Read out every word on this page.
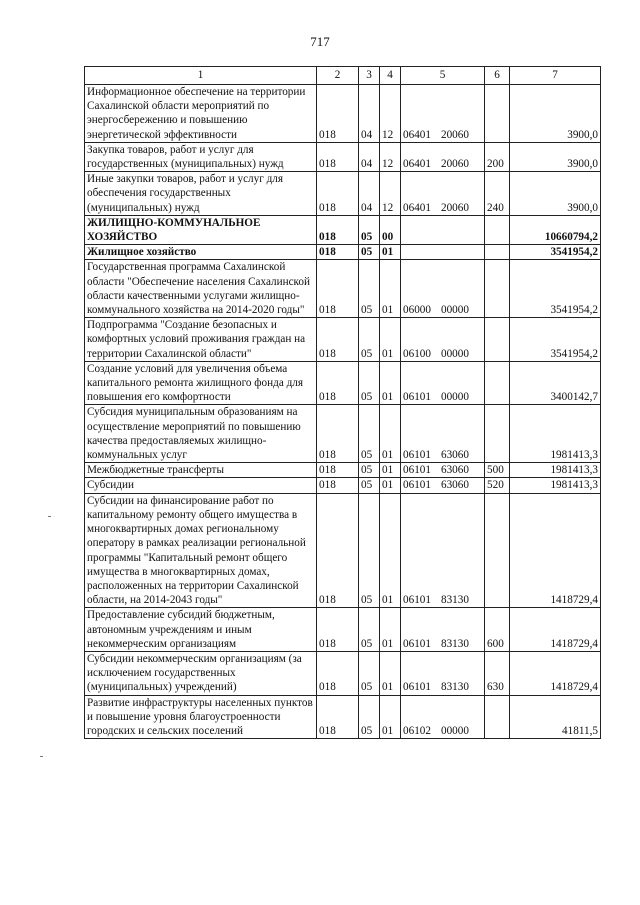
717
1	2	3	4	5	6	7
Информационное обеспечение на территории Сахалинской области мероприятий по энергосбережению и повышению энергетической эффективности	018	04	12	06401 20060		3900,0
Закупка товаров, работ и услуг для государственных (муниципальных) нужд	018	04	12	06401 20060	200	3900,0
Иные закупки товаров, работ и услуг для обеспечения государственных (муниципальных) нужд	018	04	12	06401 20060	240	3900,0
ЖИЛИЩНО-КОММУНАЛЬНОЕ ХОЗЯЙСТВО	018	05	00			10660794,2
Жилищное хозяйство	018	05	01			3541954,2
Государственная программа Сахалинской области "Обеспечение населения Сахалинской области качественными услугами жилищно-коммунального хозяйства на 2014-2020 годы"	018	05	01	06000 00000		3541954,2
Подпрограмма "Создание безопасных и комфортных условий проживания граждан на территории Сахалинской области"	018	05	01	06100 00000		3541954,2
Создание условий для увеличения объема капитального ремонта жилищного фонда для повышения его комфортности	018	05	01	06101 00000		3400142,7
Субсидия муниципальным образованиям на осуществление мероприятий по повышению качества предоставляемых жилищно-коммунальных услуг	018	05	01	06101 63060		1981413,3
Межбюджетные трансферты	018	05	01	06101 63060	500	1981413,3
Субсидии	018	05	01	06101 63060	520	1981413,3
Субсидии на финансирование работ по капитальному ремонту общего имущества в многоквартирных домах региональному оператору в рамках реализации региональной программы "Капитальный ремонт общего имущества в многоквартирных домах, расположенных на территории Сахалинской области, на 2014-2043 годы"	018	05	01	06101 83130		1418729,4
Предоставление субсидий бюджетным, автономным учреждениям и иным некоммерческим организациям	018	05	01	06101 83130	600	1418729,4
Субсидии некоммерческим организациям (за исключением государственных (муниципальных) учреждений)	018	05	01	06101 83130	630	1418729,4
Развитие инфраструктуры населенных пунктов и повышение уровня благоустроенности городских и сельских поселений	018	05	01	06102 00000		41811,5
